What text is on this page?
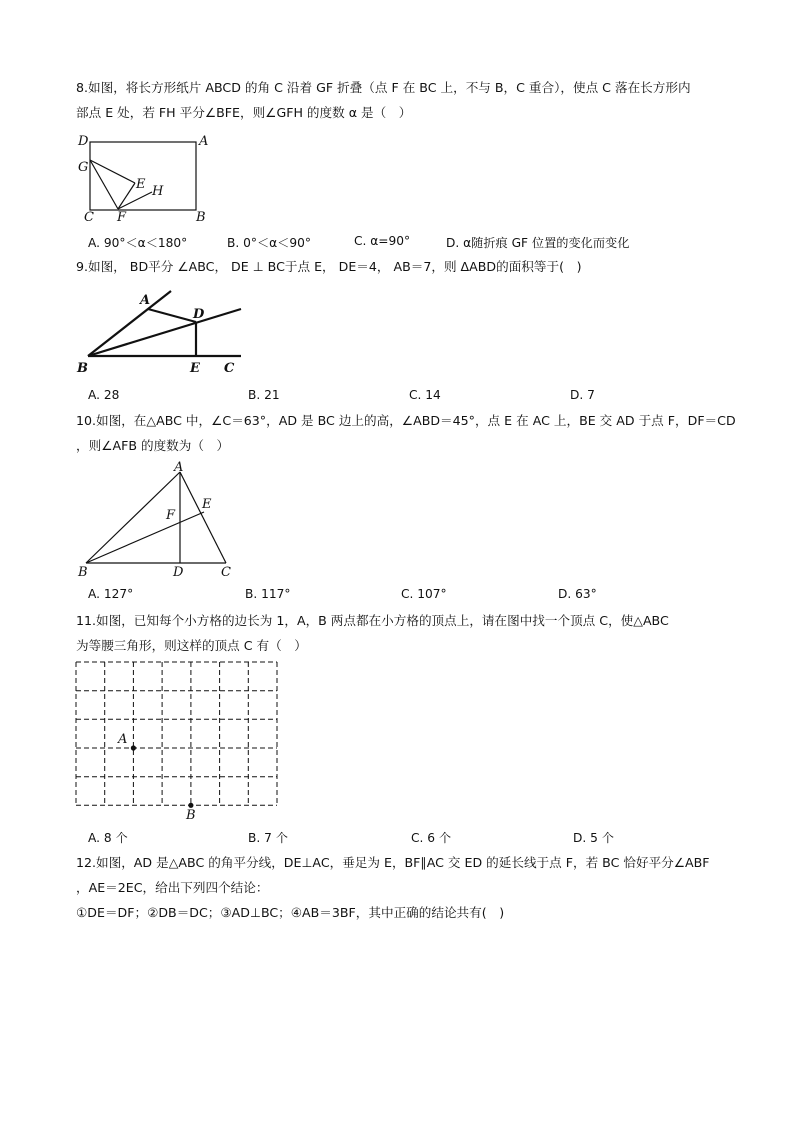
8.如图，将长方形纸片 ABCD 的角 C 沿着 GF 折叠（点 F 在 BC 上，不与 B，C 重合），使点 C 落在长方形内
部点 E 处，若 FH 平分∠BFE，则∠GFH 的度数 α 是（　）
D	A
G
E H
C F	B
A. 90°＜α＜180°	B. 0°＜α＜90°	C. α=90°	D. α随折痕 GF 位置的变化而变化
9.如图， BD平分 ∠ABC， DE ⊥ BC于点 E， DE＝4， AB＝7，则 ΔABD的面积等于(　)
A
D
B	E C
A. 28	B. 21	C. 14	D. 7
10.如图，在△ABC 中，∠C＝63°，AD 是 BC 边上的高，∠ABD＝45°，点 E 在 AC 上，BE 交 AD 于点 F，DF＝CD
，则∠AFB 的度数为（　）
A
E
F
B	D	C
A. 127°	B. 117°	C. 107°	D. 63°
11.如图，已知每个小方格的边长为 1，A，B 两点都在小方格的顶点上，请在图中找一个顶点 C，使△ABC
为等腰三角形，则这样的顶点 C 有（　）
A
B
A. 8 个	B. 7 个	C. 6 个	D. 5 个
12.如图，AD 是△ABC 的角平分线，DE⊥AC，垂足为 E，BF∥AC 交 ED 的延长线于点 F，若 BC 恰好平分∠ABF
，AE＝2EC，给出下列四个结论：
①DE＝DF；②DB＝DC；③AD⊥BC；④AB＝3BF，其中正确的结论共有(　)
